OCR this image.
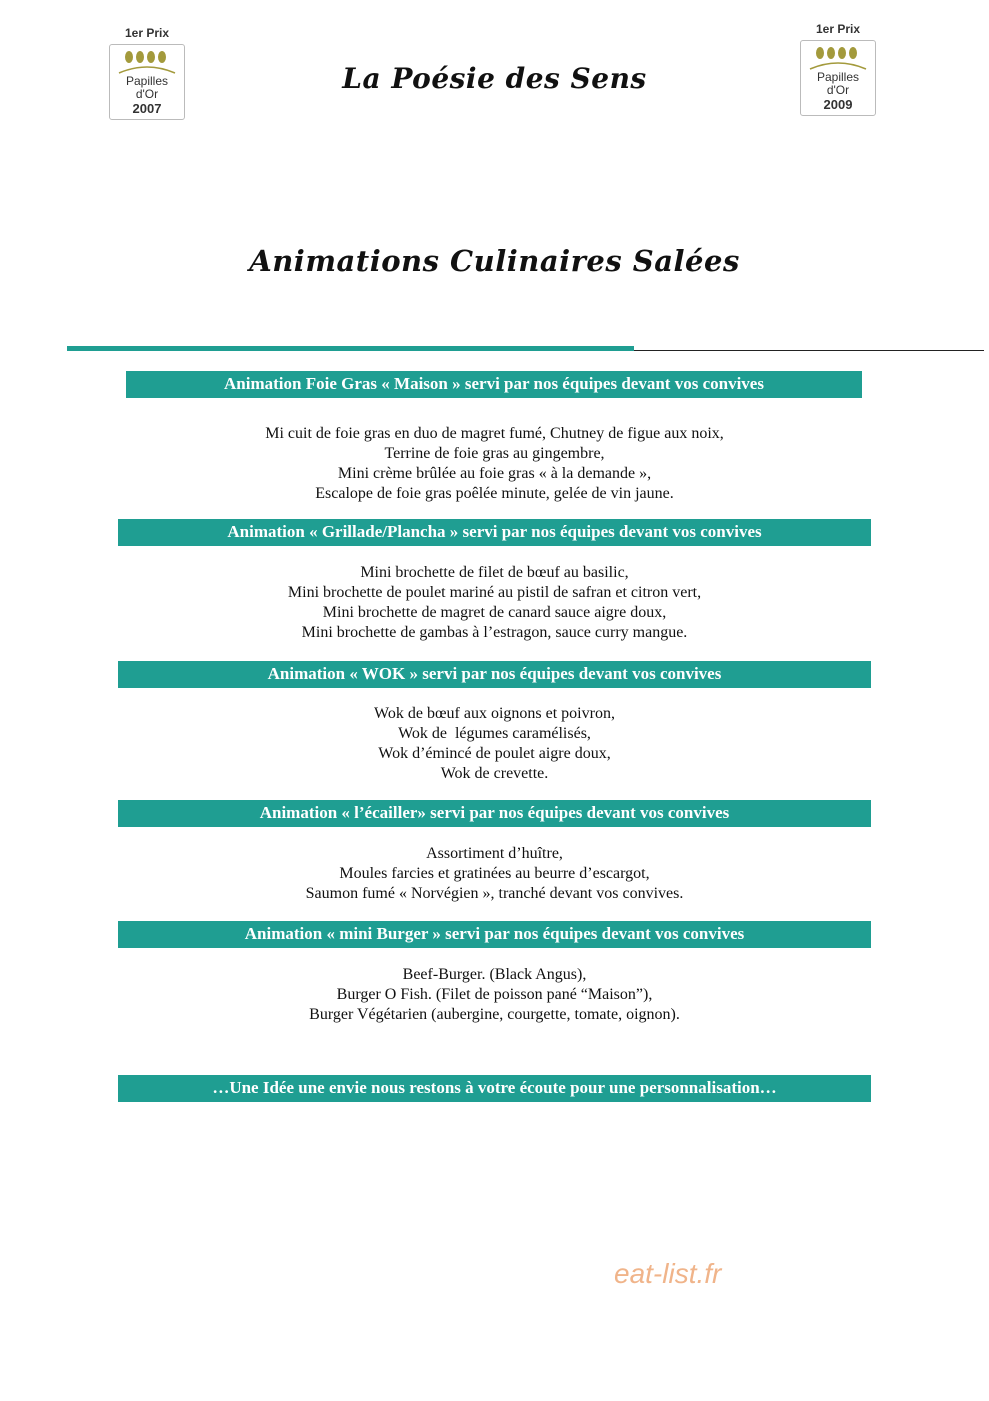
1er Prix
Papilles
d'Or
2007
1er Prix
Papilles
d'Or
2009
La Poésie des Sens
Animations Culinaires Salées
Animation Foie Gras « Maison » servi par nos équipes devant vos convives
Mi cuit de foie gras en duo de magret fumé, Chutney de figue aux noix,
Terrine de foie gras au gingembre,
Mini crème brûlée au foie gras « à la demande »,
Escalope de foie gras poêlée minute, gelée de vin jaune.
Animation « Grillade/Plancha » servi par nos équipes devant vos convives
Mini brochette de filet de bœuf au basilic,
Mini brochette de poulet mariné au pistil de safran et citron vert,
Mini brochette de magret de canard sauce aigre doux,
Mini brochette de gambas à l’estragon, sauce curry mangue.
Animation « WOK » servi par nos équipes devant vos convives
Wok de bœuf aux oignons et poivron,
Wok de  légumes caramélisés,
Wok d’émincé de poulet aigre doux,
Wok de crevette.
Animation « l’écailler» servi par nos équipes devant vos convives
Assortiment d’huître,
Moules farcies et gratinées au beurre d’escargot,
Saumon fumé « Norvégien », tranché devant vos convives.
Animation « mini Burger » servi par nos équipes devant vos convives
Beef-Burger. (Black Angus),
Burger O Fish. (Filet de poisson pané “Maison”),
Burger Végétarien (aubergine, courgette, tomate, oignon).
…Une Idée une envie nous restons à votre écoute pour une personnalisation…
eat-list.fr
